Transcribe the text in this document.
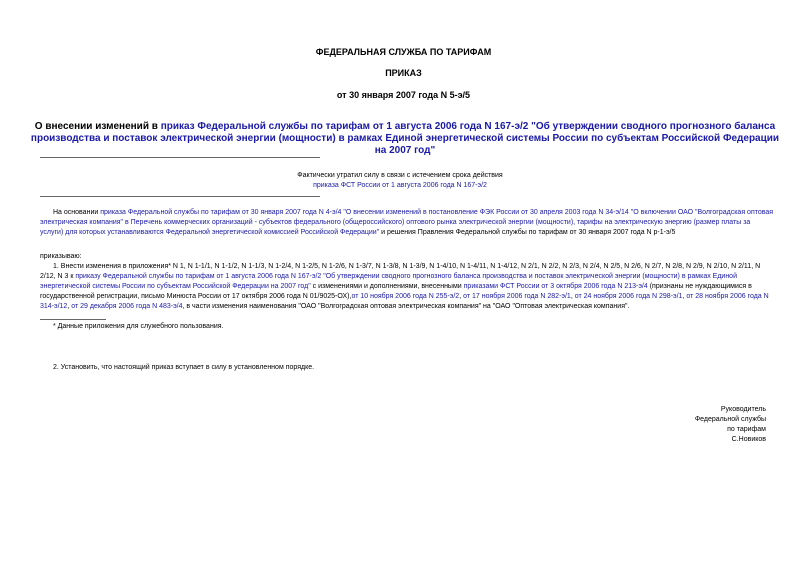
ФЕДЕРАЛЬНАЯ СЛУЖБА ПО ТАРИФАМ
ПРИКАЗ
от 30 января 2007 года N 5-э/5
О внесении изменений в приказ Федеральной службы по тарифам от 1 августа 2006 года N 167-э/2 "Об утверждении сводного прогнозного баланса производства и поставок электрической энергии (мощности) в рамках Единой энергетической системы России по субъектам Российской Федерации на 2007 год"
Фактически утратил силу в связи с истечением срока действия
приказа ФСТ России от 1 августа 2006 года N 167-э/2
На основании приказа Федеральной службы по тарифам от 30 января 2007 года N 4-э/4 "О внесении изменений в постановление ФЭК России от 30 апреля 2003 года N 34-э/14 "О включении ОАО "Волгоградская оптовая электрическая компания" в Перечень коммерческих организаций - субъектов федерального (общероссийского) оптового рынка электрической энергии (мощности), тарифы на электрическую энергию (размер платы за услуги) для которых устанавливаются Федеральной энергетической комиссией Российской Федерации" и решения Правления Федеральной службы по тарифам от 30 января 2007 года N р-1-э/5
приказываю:
1. Внести изменения в приложения* N 1, N 1-1/1, N 1-1/2, N 1-1/3, N 1-2/4, N 1-2/5, N 1-2/6, N 1-3/7, N 1-3/8, N 1-3/9, N 1-4/10, N 1-4/11, N 1-4/12, N 2/1, N 2/2, N 2/3, N 2/4, N 2/5, N 2/6, N 2/7, N 2/8, N 2/9, N 2/10, N 2/11, N 2/12, N 3 к приказу Федеральной службы по тарифам от 1 августа 2006 года N 167-э/2 "Об утверждении сводного прогнозного баланса производства и поставок электрической энергии (мощности) в рамках Единой энергетической системы России по субъектам Российской Федерации на 2007 год" с изменениями и дополнениями, внесенными приказами ФСТ России от 3 октября 2006 года N 213-э/4 (признаны не нуждающимися в государственной регистрации, письмо Минюста России от 17 октября 2006 года N 01/9025-ОХ),от 10 ноября 2006 года N 255-э/2, от 17 ноября 2006 года N 282-э/1, от 24 ноября 2006 года N 298-э/1, от 28 ноября 2006 года N 314-э/12, от 29 декабря 2006 года N 483-э/4, в части изменения наименования "ОАО "Волгоградская оптовая электрическая компания" на "ОАО "Оптовая электрическая компания".
* Данные приложения для служебного пользования.
2. Установить, что настоящий приказ вступает в силу в установленном порядке.
Руководитель
Федеральной службы
по тарифам
С.Новиков
